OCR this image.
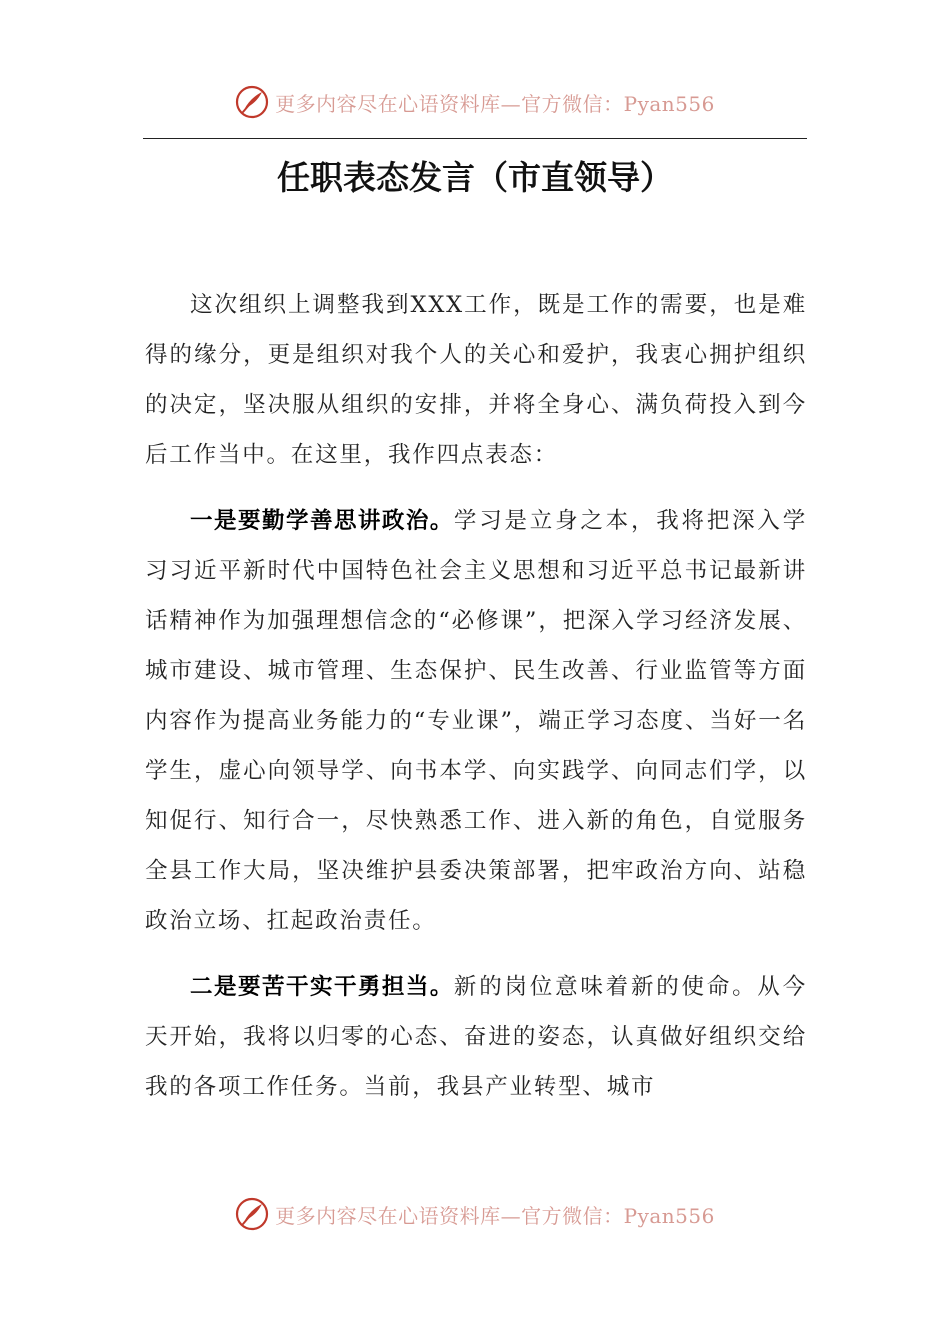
更多内容尽在心语资料库—官方微信：Pyan556
任职表态发言（市直领导）

这次组织上调整我到XXX工作，既是工作的需要，也是难得的缘分，更是组织对我个人的关心和爱护，我衷心拥护组织的决定，坚决服从组织的安排，并将全身心、满负荷投入到今后工作当中。在这里，我作四点表态：

一是要勤学善思讲政治。学习是立身之本，我将把深入学习习近平新时代中国特色社会主义思想和习近平总书记最新讲话精神作为加强理想信念的“必修课”，把深入学习经济发展、城市建设、城市管理、生态保护、民生改善、行业监管等方面内容作为提高业务能力的“专业课”，端正学习态度、当好一名学生，虚心向领导学、向书本学、向实践学、向同志们学，以知促行、知行合一，尽快熟悉工作、进入新的角色，自觉服务全县工作大局，坚决维护县委决策部署，把牢政治方向、站稳政治立场、扛起政治责任。

二是要苦干实干勇担当。新的岗位意味着新的使命。从今天开始，我将以归零的心态、奋进的姿态，认真做好组织交给我的各项工作任务。当前，我县产业转型、城市

更多内容尽在心语资料库—官方微信：Pyan556
